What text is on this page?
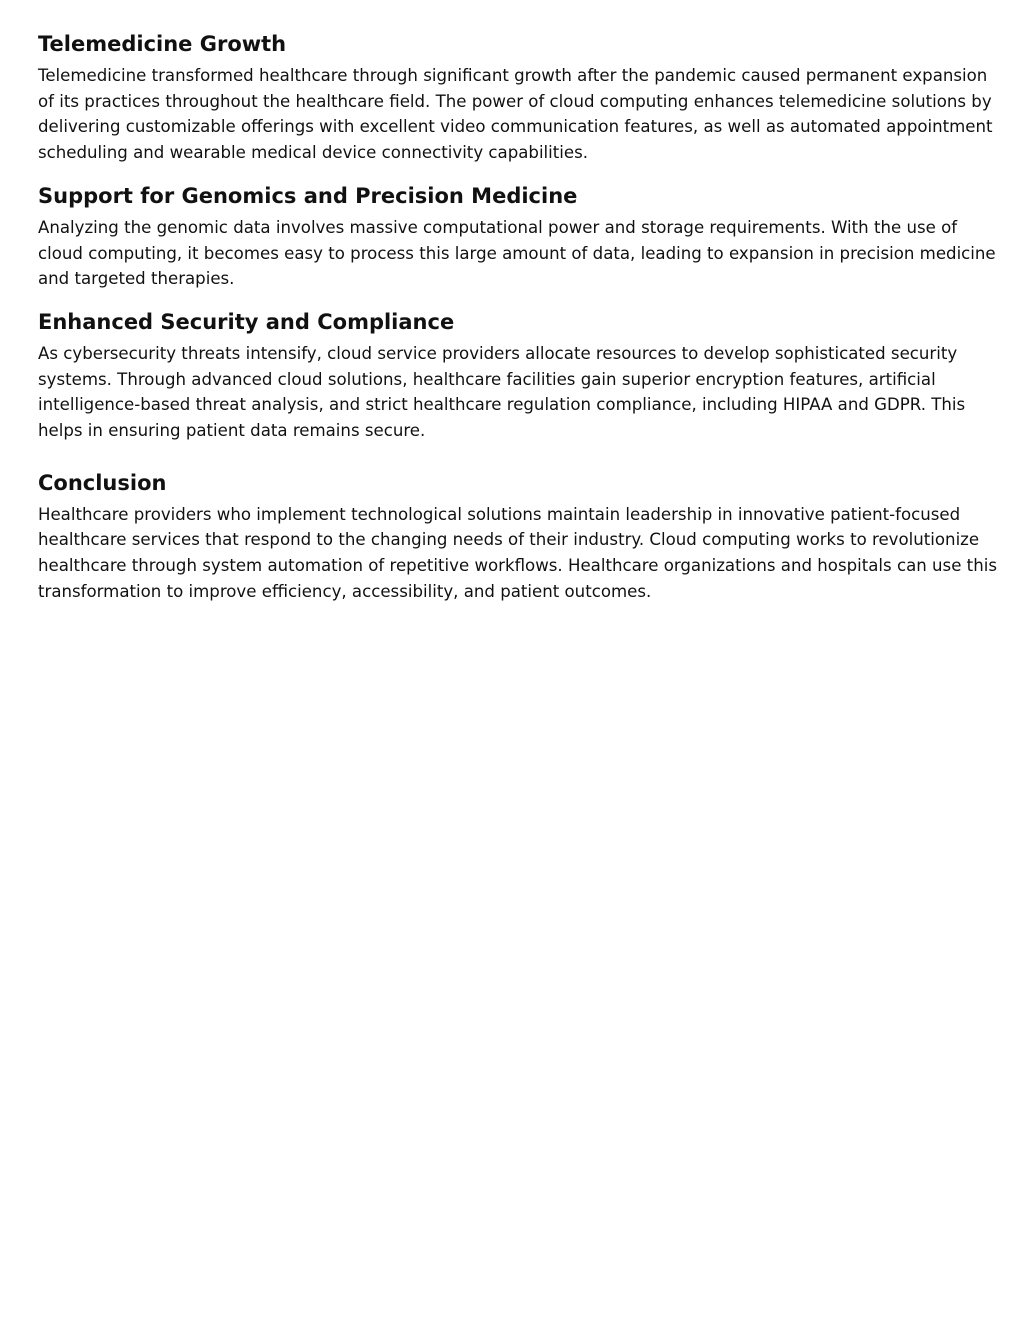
Telemedicine Growth

Telemedicine transformed healthcare through significant growth after the pandemic caused permanent expansion of its practices throughout the healthcare field. The power of cloud computing enhances telemedicine solutions by delivering customizable offerings with excellent video communication features, as well as automated appointment scheduling and wearable medical device connectivity capabilities.

Support for Genomics and Precision Medicine

Analyzing the genomic data involves massive computational power and storage requirements. With the use of cloud computing, it becomes easy to process this large amount of data, leading to expansion in precision medicine and targeted therapies.

Enhanced Security and Compliance

As cybersecurity threats intensify, cloud service providers allocate resources to develop sophisticated security systems. Through advanced cloud solutions, healthcare facilities gain superior encryption features, artificial intelligence-based threat analysis, and strict healthcare regulation compliance, including HIPAA and GDPR. This helps in ensuring patient data remains secure.

Conclusion

Healthcare providers who implement technological solutions maintain leadership in innovative patient-focused healthcare services that respond to the changing needs of their industry. Cloud computing works to revolutionize healthcare through system automation of repetitive workflows. Healthcare organizations and hospitals can use this transformation to improve efficiency, accessibility, and patient outcomes.
